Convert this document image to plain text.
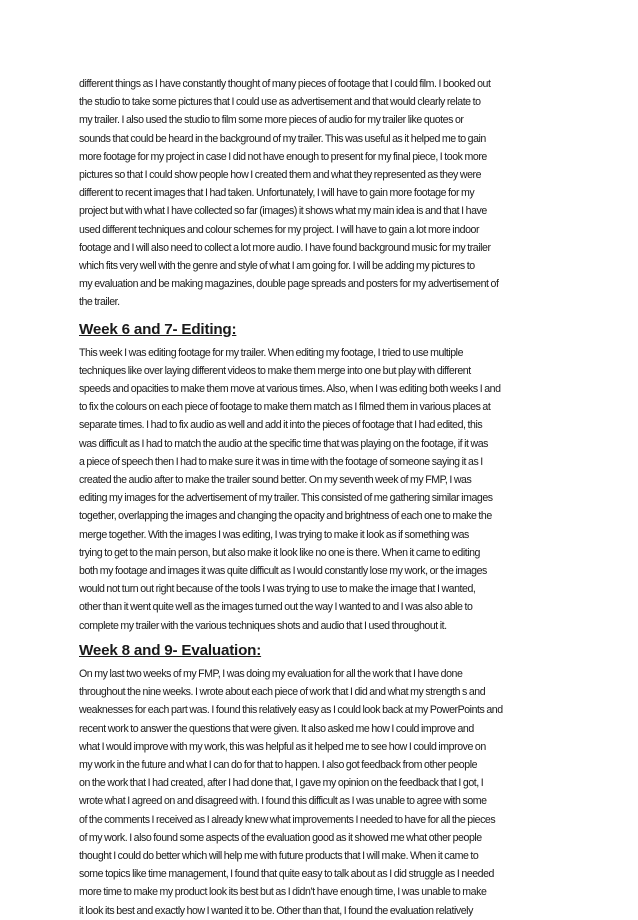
different things as I have constantly thought of many pieces of footage that I could film. I booked out
the studio to take some pictures that I could use as advertisement and that would clearly relate to
my trailer. I also used the studio to film some more pieces of audio for my trailer like quotes or
sounds that could be heard in the background of my trailer. This was useful as it helped me to gain
more footage for my project in case I did not have enough to present for my final piece, I took more
pictures so that I could show people how I created them and what they represented as they were
different to recent images that I had taken. Unfortunately, I will have to gain more footage for my
project but with what I have collected so far (images) it shows what my main idea is and that I have
used different techniques and colour schemes for my project. I will have to gain a lot more indoor
footage and I will also need to collect a lot more audio. I have found background music for my trailer
which fits very well with the genre and style of what I am going for. I will be adding my pictures to
my evaluation and be making magazines, double page spreads and posters for my advertisement of
the trailer.
Week 6 and 7- Editing:
This week I was editing footage for my trailer. When editing my footage, I tried to use multiple
techniques like over laying different videos to make them merge into one but play with different
speeds and opacities to make them move at various times. Also, when I was editing both weeks I and
to fix the colours on each piece of footage to make them match as I filmed them in various places at
separate times. I had to fix audio as well and add it into the pieces of footage that I had edited, this
was difficult as I had to match the audio at the specific time that was playing on the footage, if it was
a piece of speech then I had to make sure it was in time with the footage of someone saying it as I
created the audio after to make the trailer sound better. On my seventh week of my FMP, I was
editing my images for the advertisement of my trailer. This consisted of me gathering similar images
together, overlapping the images and changing the opacity and brightness of each one to make the
merge together. With the images I was editing, I was trying to make it look as if something was
trying to get to the main person, but also make it look like no one is there. When it came to editing
both my footage and images it was quite difficult as I would constantly lose my work, or the images
would not turn out right because of the tools I was trying to use to make the image that I wanted,
other than it went quite well as the images turned out the way I wanted to and I was also able to
complete my trailer with the various techniques shots and audio that I used throughout it.
Week 8 and 9- Evaluation:
On my last two weeks of my FMP, I was doing my evaluation for all the work that I have done
throughout the nine weeks. I wrote about each piece of work that I did and what my strength s and
weaknesses for each part was. I found this relatively easy as I could look back at my PowerPoints and
recent work to answer the questions that were given. It also asked me how I could improve and
what I would improve with my work, this was helpful as it helped me to see how I could improve on
my work in the future and what I can do for that to happen. I also got feedback from other people
on the work that I had created, after I had done that, I gave my opinion on the feedback that I got, I
wrote what I agreed on and disagreed with. I found this difficult as I was unable to agree with some
of the comments I received as I already knew what improvements I needed to have for all the pieces
of my work. I also found some aspects of the evaluation good as it showed me what other people
thought I could do better which will help me with future products that I will make. When it came to
some topics like time management, I found that quite easy to talk about as I did struggle as I needed
more time to make my product look its best but as I didn’t have enough time, I was unable to make
it look its best and exactly how I wanted it to be. Other than that, I found the evaluation relatively
